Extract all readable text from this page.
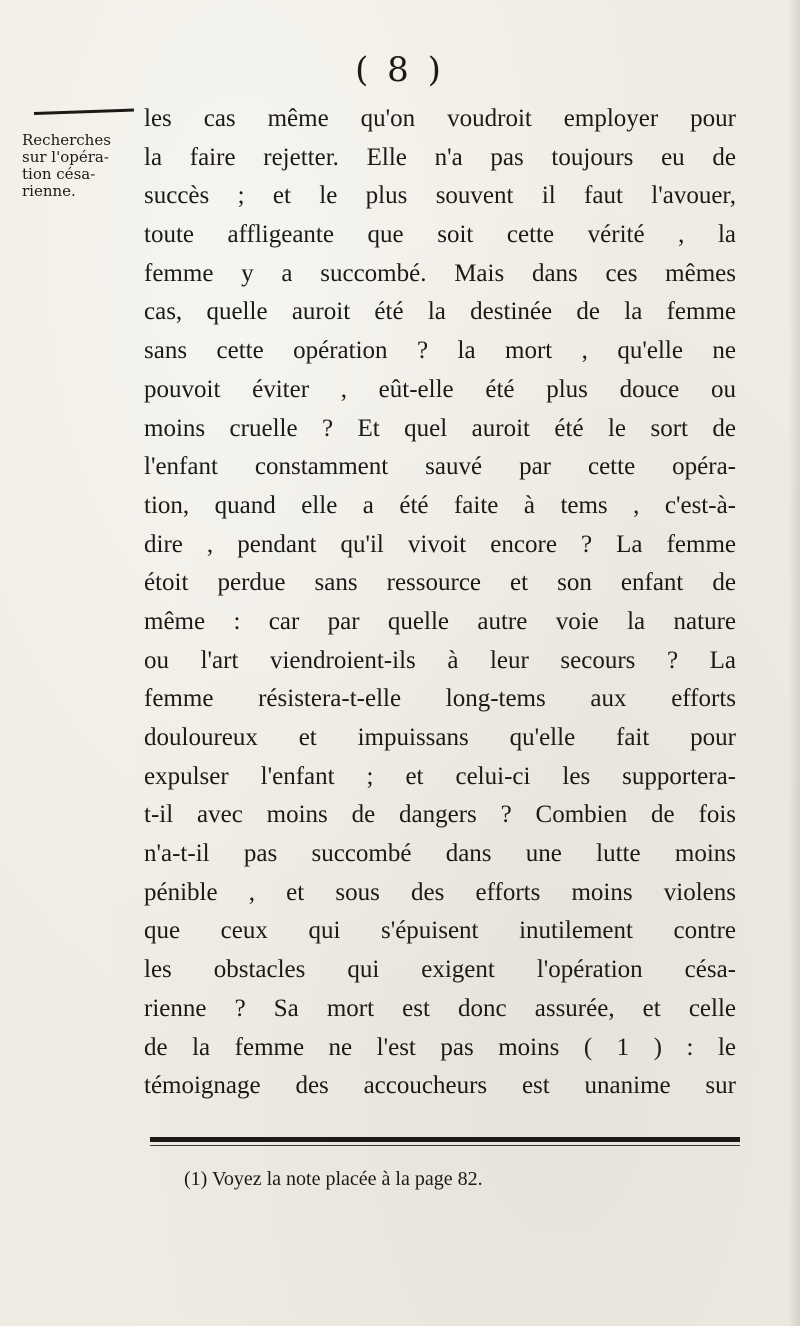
( 8 )
Recherches
sur l'opéra-
tion césa-
rienne.
les cas même qu'on voudroit employer pour
la faire rejetter. Elle n'a pas toujours eu de
succès ; et le plus souvent il faut l'avouer,
toute affligeante que soit cette vérité , la
femme y a succombé. Mais dans ces mêmes
cas, quelle auroit été la destinée de la femme
sans cette opération ? la mort , qu'elle ne
pouvoit éviter , eût-elle été plus douce ou
moins cruelle ? Et quel auroit été le sort de
l'enfant constamment sauvé par cette opéra-
tion, quand elle a été faite à tems , c'est-à-
dire , pendant qu'il vivoit encore ? La femme
étoit perdue sans ressource et son enfant de
même : car par quelle autre voie la nature
ou l'art viendroient-ils à leur secours ? La
femme résistera-t-elle long-tems aux efforts
douloureux et impuissans qu'elle fait pour
expulser l'enfant ; et celui-ci les supportera-
t-il avec moins de dangers ? Combien de fois
n'a-t-il pas succombé dans une lutte moins
pénible , et sous des efforts moins violens
que ceux qui s'épuisent inutilement contre
les obstacles qui exigent l'opération césa-
rienne ? Sa mort est donc assurée, et celle
de la femme ne l'est pas moins ( 1 ) : le
témoignage des accoucheurs est unanime sur
(1) Voyez la note placée à la page 82.
